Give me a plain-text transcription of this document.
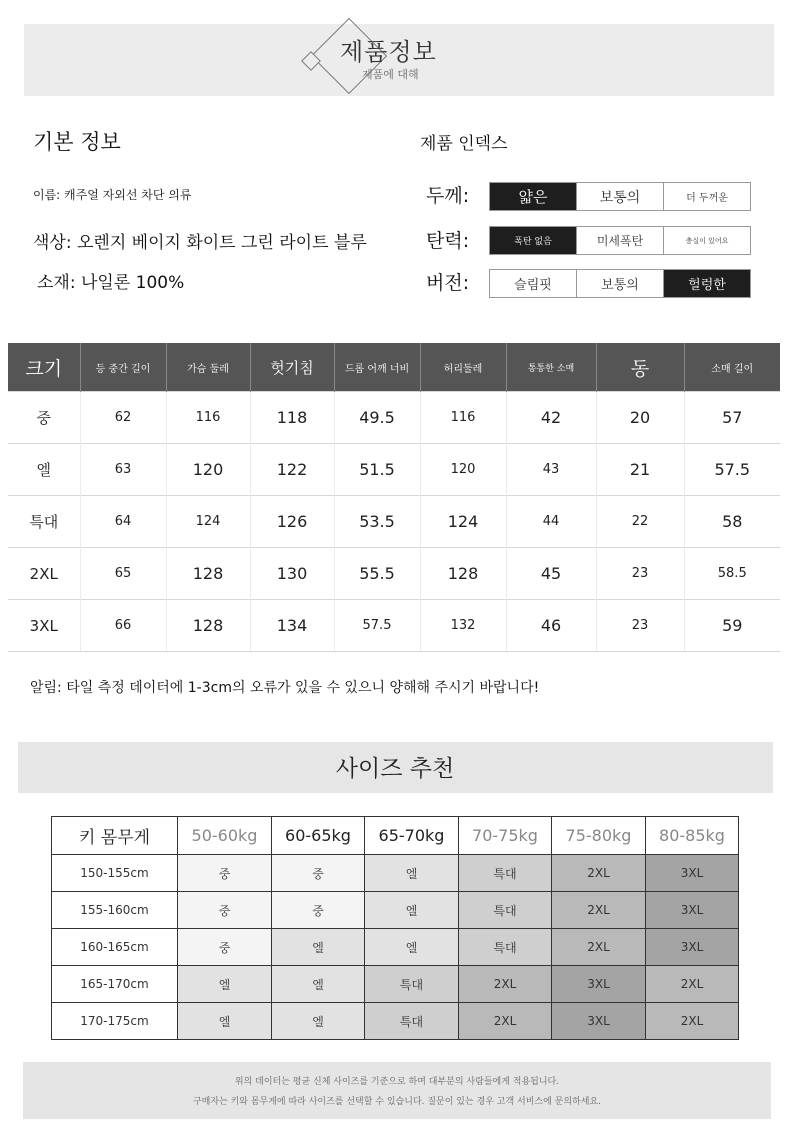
제품정보
제품에 대해
기본 정보
이름: 캐주얼 자외선 차단 의류
색상: 오렌지 베이지 화이트 그린 라이트 블루
소재: 나일론 100%
제품 인덱스
두께:	얇은	보통의	더 두꺼운
탄력:	폭탄 없음	미세폭탄	충실이 있어요
버전:	슬림핏	보통의	헐렁한
크기	등 중간 길이	가슴 둘레	헛기침	드롭 어깨 너비	허리둘레	통통한 소매	동	소매 길이
중	62	116	118	49.5	116	42	20	57
엘	63	120	122	51.5	120	43	21	57.5
특대	64	124	126	53.5	124	44	22	58
2XL	65	128	130	55.5	128	45	23	58.5
3XL	66	128	134	57.5	132	46	23	59
알림: 타일 측정 데이터에 1-3cm의 오류가 있을 수 있으니 양해해 주시기 바랍니다!
사이즈 추천
키 몸무게	50-60kg	60-65kg	65-70kg	70-75kg	75-80kg	80-85kg
150-155cm	중	중	엘	특대	2XL	3XL
155-160cm	중	중	엘	특대	2XL	3XL
160-165cm	중	엘	엘	특대	2XL	3XL
165-170cm	엘	엘	특대	2XL	3XL	2XL
170-175cm	엘	엘	특대	2XL	3XL	2XL
위의 데이터는 평균 신체 사이즈를 기준으로 하며 대부분의 사람들에게 적용됩니다.
구매자는 키와 몸무게에 따라 사이즈를 선택할 수 있습니다. 질문이 있는 경우 고객 서비스에 문의하세요.
